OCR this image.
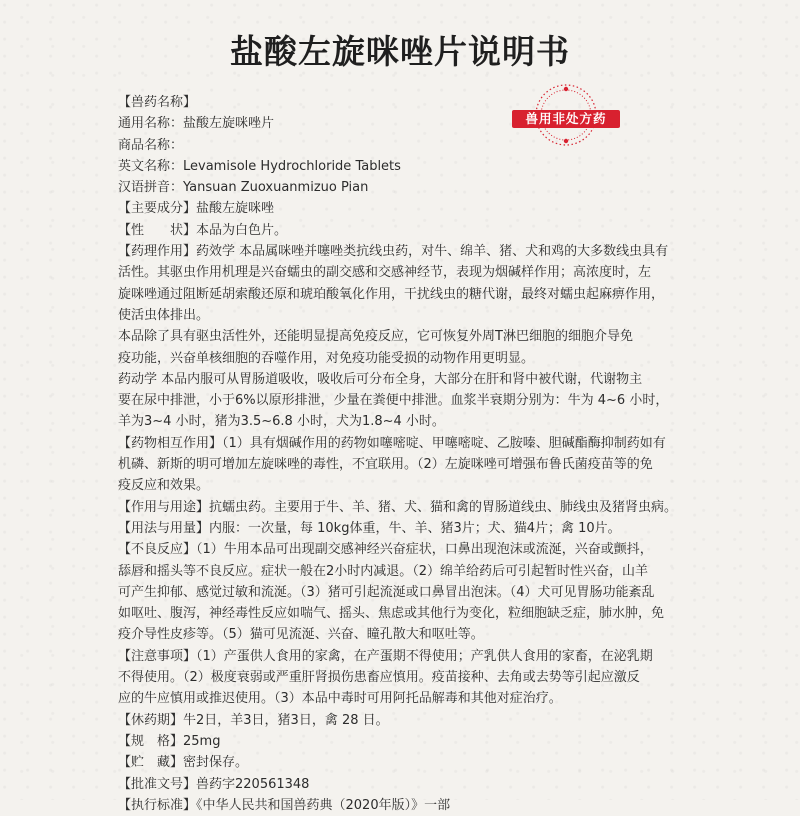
盐酸左旋咪唑片说明书
兽用非处方药
【兽药名称】
通用名称：盐酸左旋咪唑片
商品名称：
英文名称：Levamisole Hydrochloride Tablets
汉语拼音：Yansuan Zuoxuanmizuo Pian
【主要成分】盐酸左旋咪唑
【性　　状】本品为白色片。
【药理作用】药效学 本品属咪唑并噻唑类抗线虫药，对牛、绵羊、猪、犬和鸡的大多数线虫具有
活性。其驱虫作用机理是兴奋蠕虫的副交感和交感神经节，表现为烟碱样作用；高浓度时，左
旋咪唑通过阻断延胡索酸还原和琥珀酸氧化作用，干扰线虫的糖代谢，最终对蠕虫起麻痹作用，
使活虫体排出。
本品除了具有驱虫活性外，还能明显提高免疫反应，它可恢复外周T淋巴细胞的细胞介导免
疫功能，兴奋单核细胞的吞噬作用，对免疫功能受损的动物作用更明显。
药动学 本品内服可从胃肠道吸收，吸收后可分布全身，大部分在肝和肾中被代谢，代谢物主
要在尿中排泄，小于6%以原形排泄，少量在粪便中排泄。血浆半衰期分别为：牛为 4~6 小时，
羊为3~4 小时，猪为3.5~6.8 小时，犬为1.8~4 小时。
【药物相互作用】（1）具有烟碱作用的药物如噻嘧啶、甲噻嘧啶、乙胺嗪、胆碱酯酶抑制药如有
机磷、新斯的明可增加左旋咪唑的毒性，不宜联用。（2）左旋咪唑可增强布鲁氏菌疫苗等的免
疫反应和效果。
【作用与用途】抗蠕虫药。主要用于牛、羊、猪、犬、猫和禽的胃肠道线虫、肺线虫及猪肾虫病。
【用法与用量】内服：一次量，每 10kg体重，牛、羊、猪3片；犬、猫4片；禽 10片。
【不良反应】（1）牛用本品可出现副交感神经兴奋症状，口鼻出现泡沫或流涎，兴奋或颤抖，
舔唇和摇头等不良反应。症状一般在2小时内减退。（2）绵羊给药后可引起暂时性兴奋，山羊
可产生抑郁、感觉过敏和流涎。（3）猪可引起流涎或口鼻冒出泡沫。（4）犬可见胃肠功能紊乱
如呕吐、腹泻，神经毒性反应如喘气、摇头、焦虑或其他行为变化，粒细胞缺乏症，肺水肿，免
疫介导性皮疹等。（5）猫可见流涎、兴奋、瞳孔散大和呕吐等。
【注意事项】（1）产蛋供人食用的家禽，在产蛋期不得使用；产乳供人食用的家畜，在泌乳期
不得使用。（2）极度衰弱或严重肝肾损伤患畜应慎用。疫苗接种、去角或去势等引起应激反
应的牛应慎用或推迟使用。（3）本品中毒时可用阿托品解毒和其他对症治疗。
【休药期】牛2日，羊3日，猪3日，禽 28 日。
【规　格】25mg
【贮　藏】密封保存。
【批准文号】兽药字220561348
【执行标准】《中华人民共和国兽药典（2020年版）》一部
